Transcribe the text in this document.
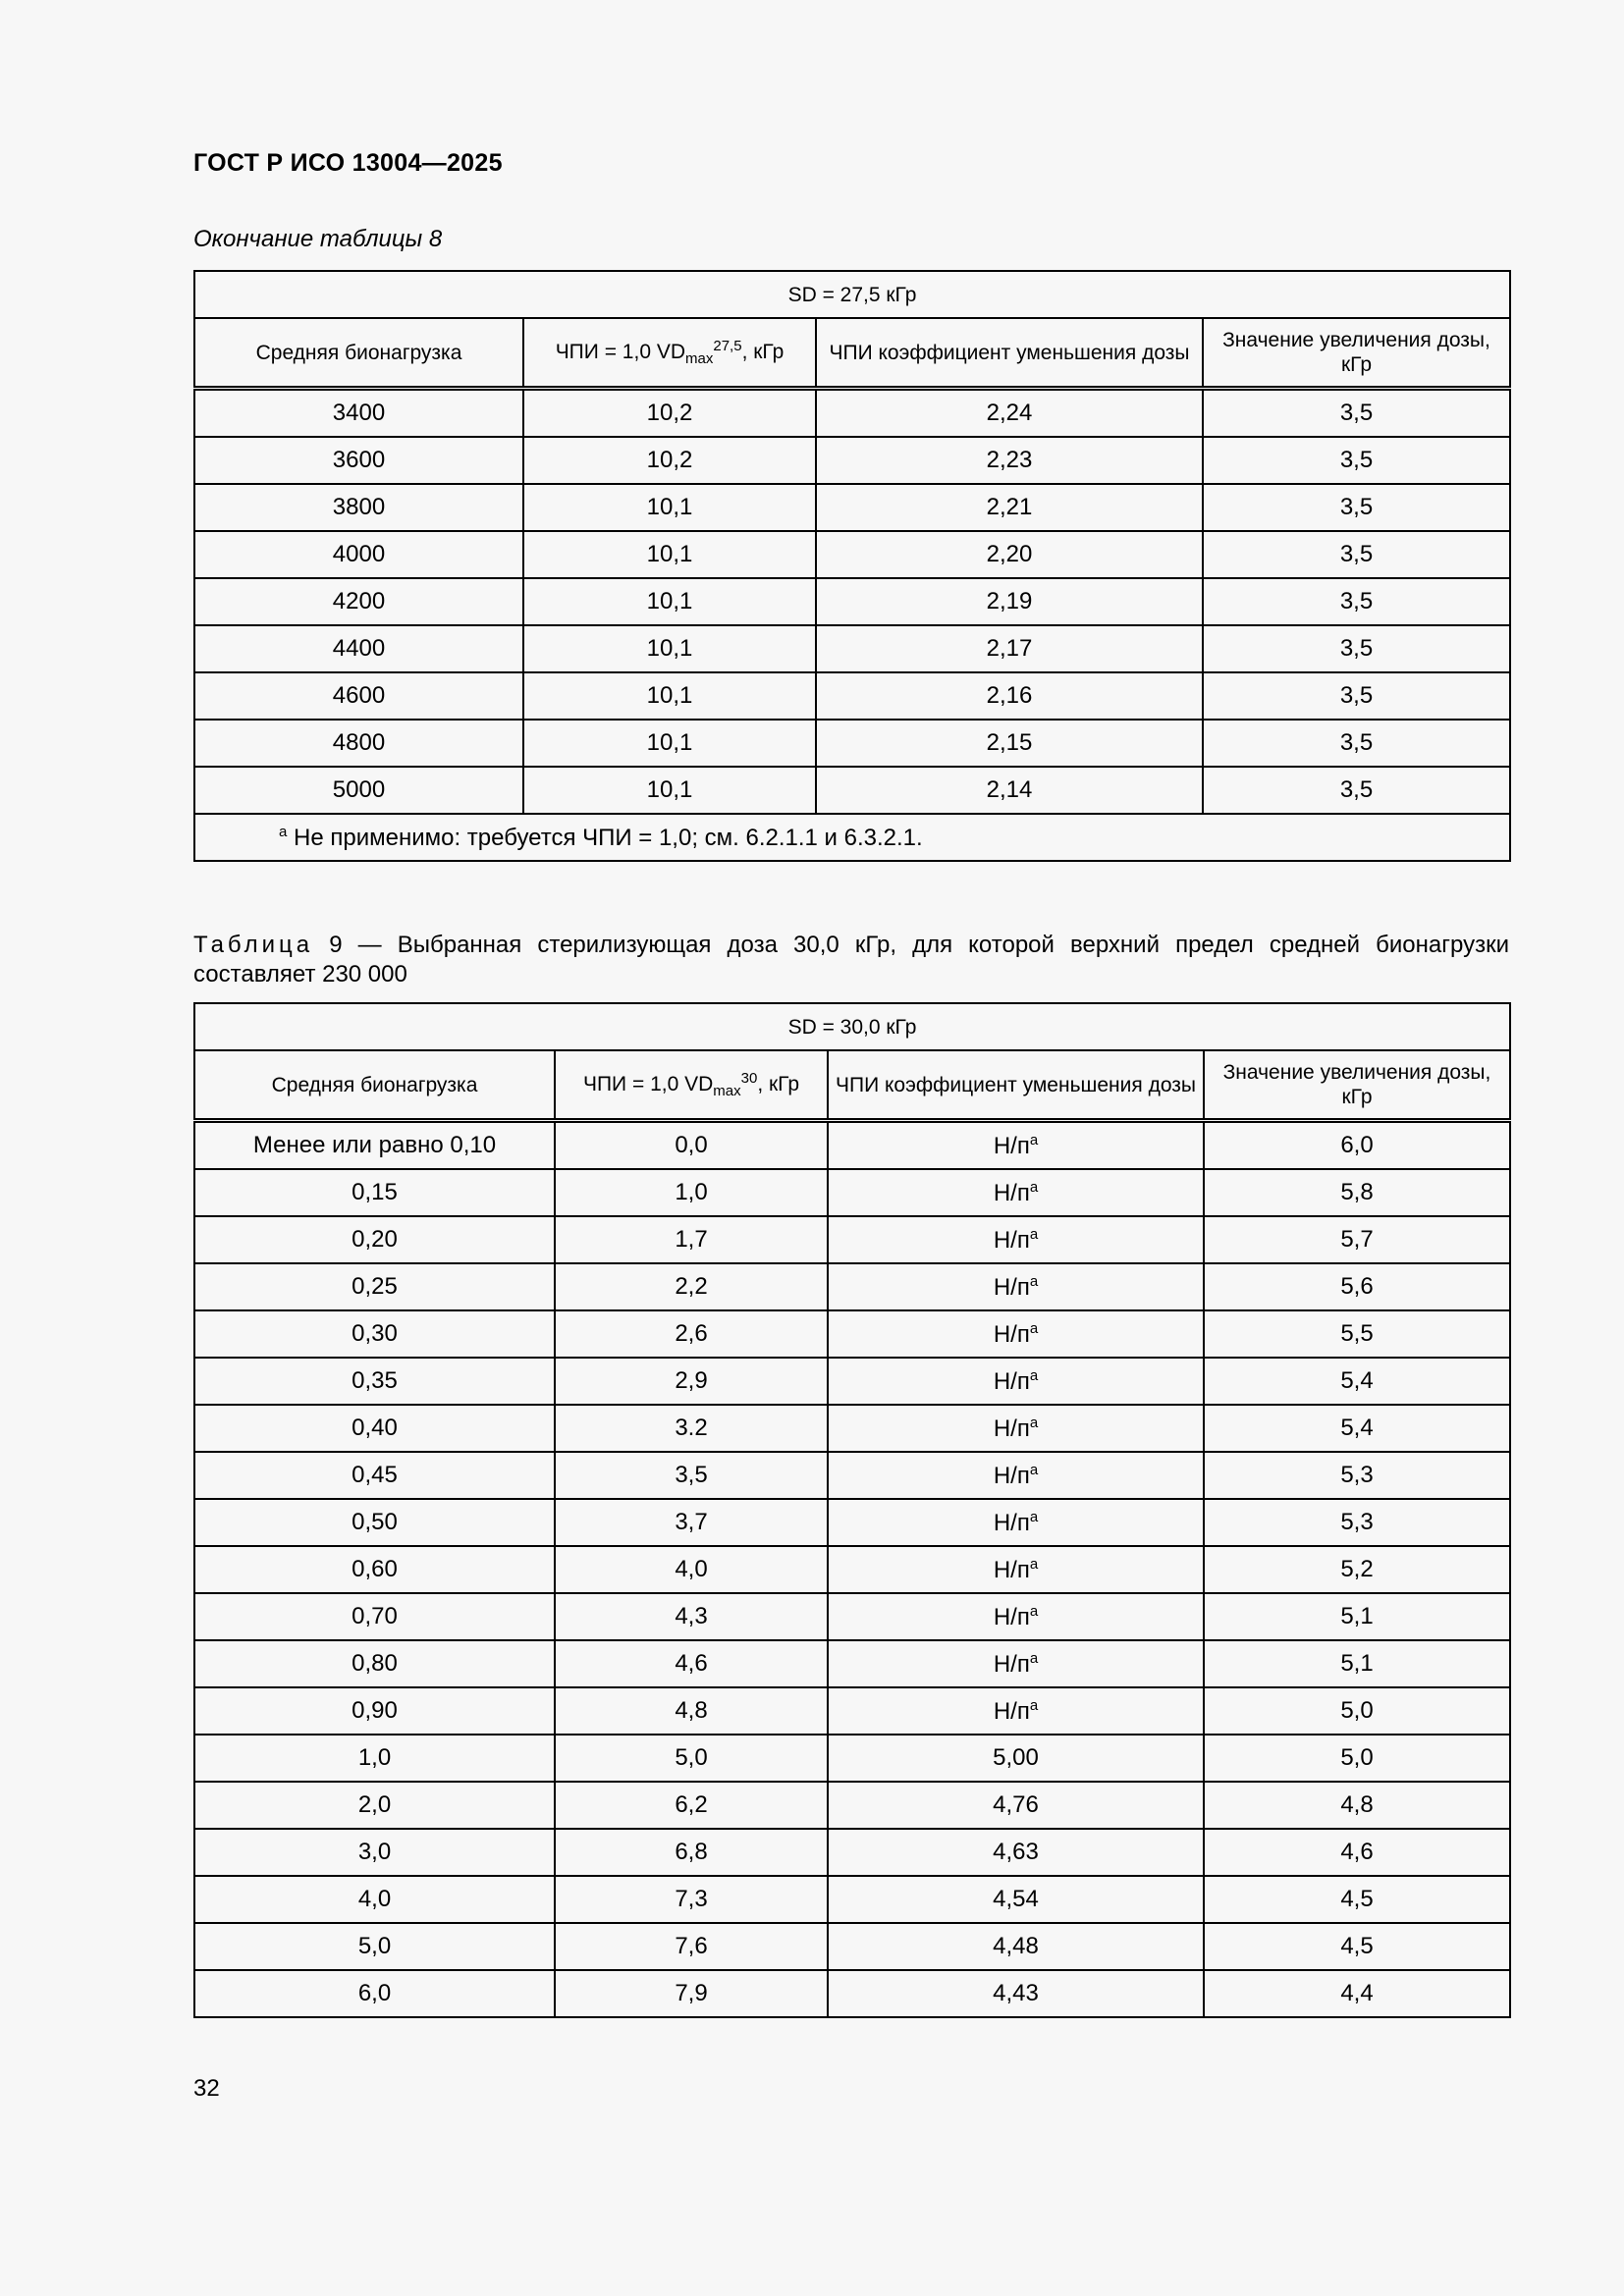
ГОСТ Р ИСО 13004—2025
Окончание таблицы 8
SD = 27,5 кГр			
Средняя бионагрузка	ЧПИ = 1,0 $VD_{max}^{27,5}$, кГр	ЧПИ коэффициент уменьшения дозы	Значение увеличения дозы, кГр
3400	10,2	2,24	3,5
3600	10,2	2,23	3,5
3800	10,1	2,21	3,5
4000	10,1	2,20	3,5
4200	10,1	2,19	3,5
4400	10,1	2,17	3,5
4600	10,1	2,16	3,5
4800	10,1	2,15	3,5
5000	10,1	2,14	3,5
$^a$ Не применимо: требуется ЧПИ = 1,0; см. 6.2.1.1 и 6.3.2.1.			
Таблица 9 — Выбранная стерилизующая доза 30,0 кГр, для которой верхний предел средней бионагрузки составляет 230 000
SD = 30,0 кГр			
Средняя бионагрузка	ЧПИ = 1,0 $VD_{max}^{30}$, кГр	ЧПИ коэффициент уменьшения дозы	Значение увеличения дозы, кГр
Менее или равно 0,10	0,0	$Н/п^a$	6,0
0,15	1,0	$Н/п^a$	5,8
0,20	1,7	$Н/п^a$	5,7
0,25	2,2	$Н/п^a$	5,6
0,30	2,6	$Н/п^a$	5,5
0,35	2,9	$Н/п^a$	5,4
0,40	3.2	$Н/п^a$	5,4
0,45	3,5	$Н/п^a$	5,3
0,50	3,7	$Н/п^a$	5,3
0,60	4,0	$Н/п^a$	5,2
0,70	4,3	$Н/п^a$	5,1
0,80	4,6	$Н/п^a$	5,1
0,90	4,8	$Н/п^a$	5,0
1,0	5,0	5,00	5,0
2,0	6,2	4,76	4,8
3,0	6,8	4,63	4,6
4,0	7,3	4,54	4,5
5,0	7,6	4,48	4,5
6,0	7,9	4,43	4,4
32
